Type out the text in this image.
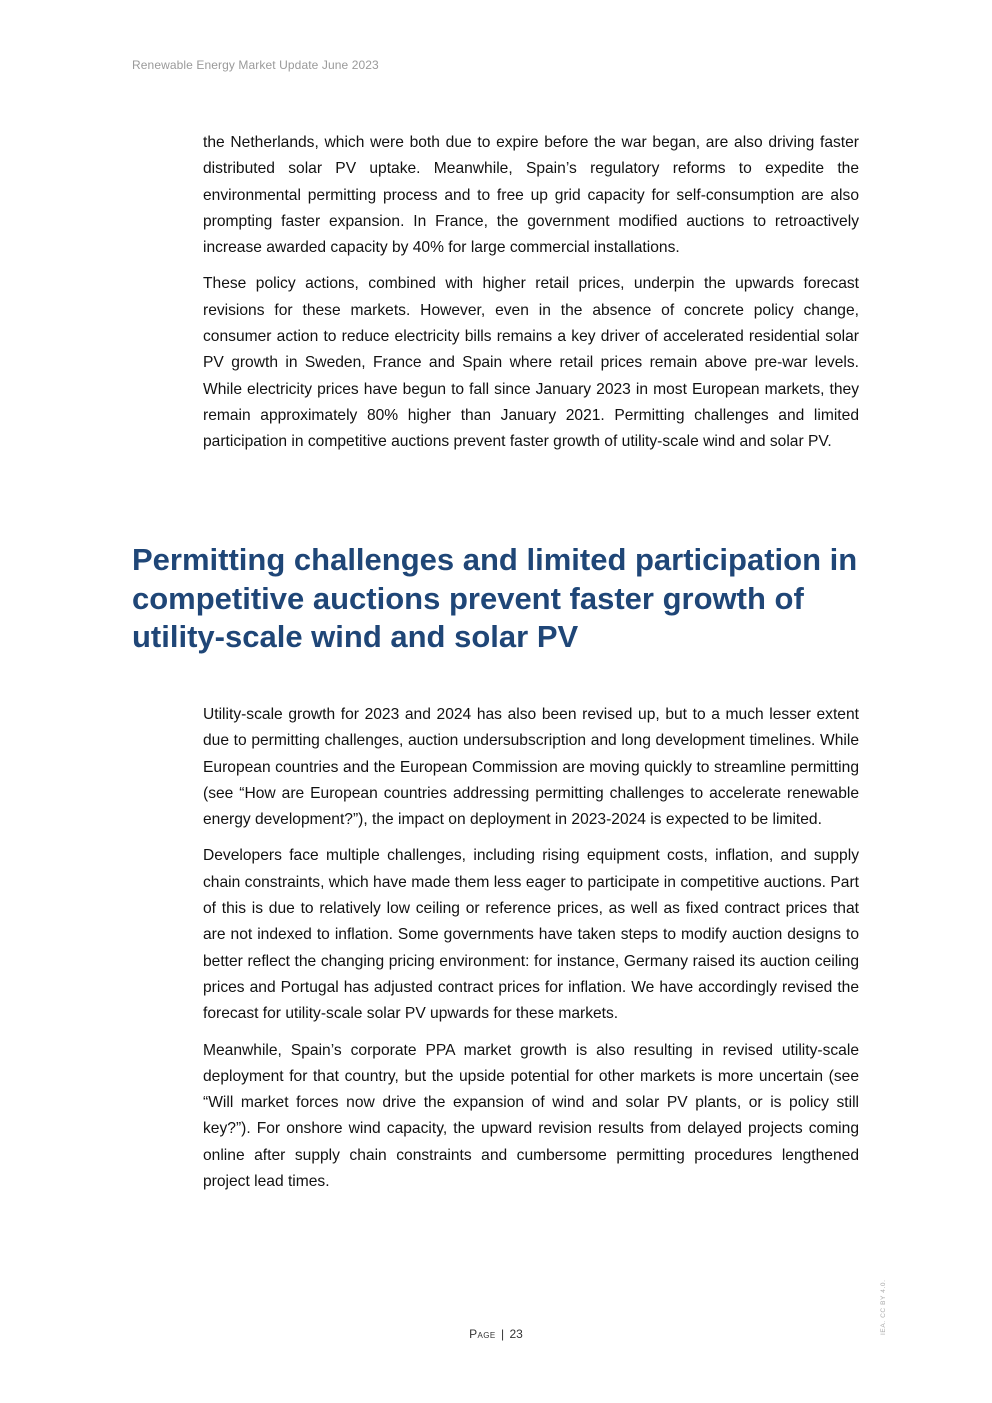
Renewable Energy Market Update June 2023

the Netherlands, which were both due to expire before the war began, are also driving faster distributed solar PV uptake. Meanwhile, Spain’s regulatory reforms to expedite the environmental permitting process and to free up grid capacity for self-consumption are also prompting faster expansion. In France, the government modified auctions to retroactively increase awarded capacity by 40% for large commercial installations.

These policy actions, combined with higher retail prices, underpin the upwards forecast revisions for these markets. However, even in the absence of concrete policy change, consumer action to reduce electricity bills remains a key driver of accelerated residential solar PV growth in Sweden, France and Spain where retail prices remain above pre-war levels. While electricity prices have begun to fall since January 2023 in most European markets, they remain approximately 80% higher than January 2021. Permitting challenges and limited participation in competitive auctions prevent faster growth of utility-scale wind and solar PV.

Permitting challenges and limited participation in competitive auctions prevent faster growth of utility-scale wind and solar PV

Utility-scale growth for 2023 and 2024 has also been revised up, but to a much lesser extent due to permitting challenges, auction undersubscription and long development timelines. While European countries and the European Commission are moving quickly to streamline permitting (see “How are European countries addressing permitting challenges to accelerate renewable energy development?”), the impact on deployment in 2023-2024 is expected to be limited.

Developers face multiple challenges, including rising equipment costs, inflation, and supply chain constraints, which have made them less eager to participate in competitive auctions. Part of this is due to relatively low ceiling or reference prices, as well as fixed contract prices that are not indexed to inflation. Some governments have taken steps to modify auction designs to better reflect the changing pricing environment: for instance, Germany raised its auction ceiling prices and Portugal has adjusted contract prices for inflation. We have accordingly revised the forecast for utility-scale solar PV upwards for these markets.

Meanwhile, Spain’s corporate PPA market growth is also resulting in revised utility-scale deployment for that country, but the upside potential for other markets is more uncertain (see “Will market forces now drive the expansion of wind and solar PV plants, or is policy still key?”). For onshore wind capacity, the upward revision results from delayed projects coming online after supply chain constraints and cumbersome permitting procedures lengthened project lead times.

Page | 23	IEA. CC BY 4.0.
